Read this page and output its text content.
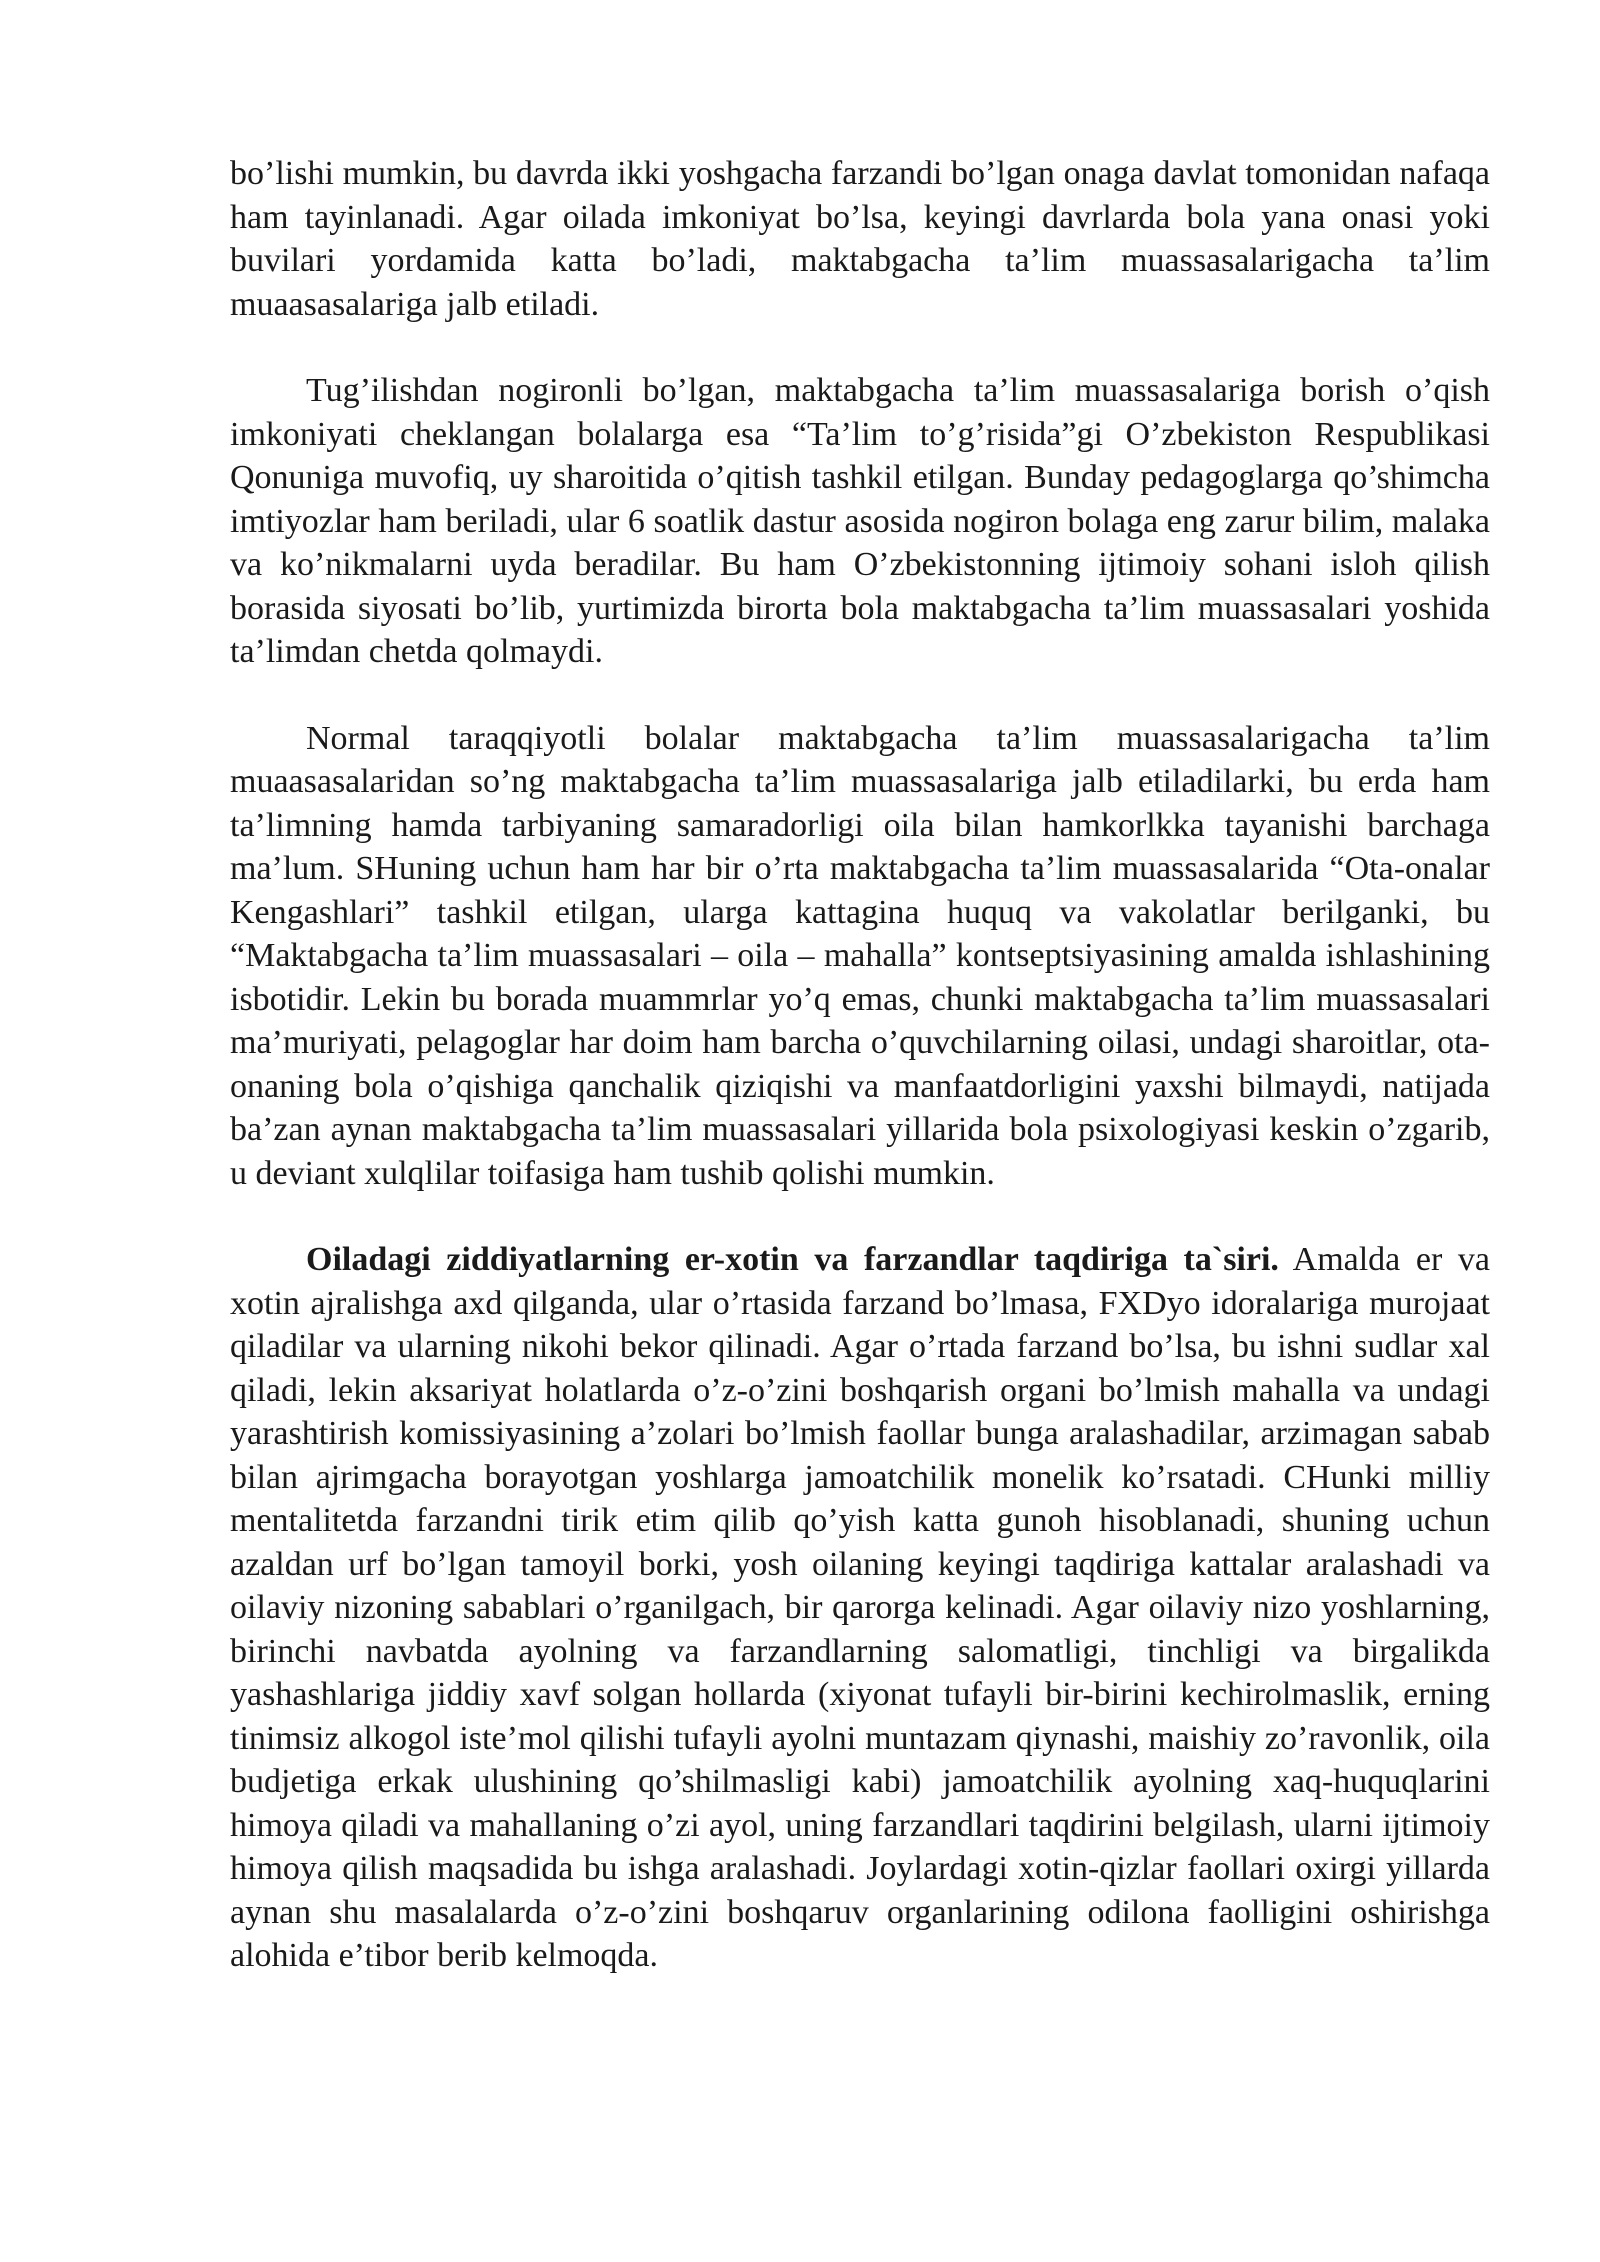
bo’lishi mumkin, bu davrda ikki yoshgacha farzandi bo’lgan onaga davlat tomonidan nafaqa ham tayinlanadi. Agar oilada imkoniyat bo’lsa, keyingi davrlarda bola yana onasi yoki buvilari yordamida katta bo’ladi, maktabgacha ta’lim muassasalarigacha ta’lim muaasasalariga jalb etiladi.

Tug’ilishdan nogironli bo’lgan, maktabgacha ta’lim muassasalariga borish o’qish imkoniyati cheklangan bolalarga esa “Ta’lim to’g’risida”gi O’zbekiston Respublikasi Qonuniga muvofiq, uy sharoitida o’qitish tashkil etilgan. Bunday pedagoglarga qo’shimcha imtiyozlar ham beriladi, ular 6 soatlik dastur asosida nogiron bolaga eng zarur bilim, malaka va ko’nikmalarni uyda beradilar. Bu ham O’zbekistonning ijtimoiy sohani isloh qilish borasida siyosati bo’lib, yurtimizda birorta bola maktabgacha ta’lim muassasalari yoshida ta’limdan chetda qolmaydi.

Normal taraqqiyotli bolalar maktabgacha ta’lim muassasalarigacha ta’lim muaasasalaridan so’ng maktabgacha ta’lim muassasalariga jalb etiladilarki, bu erda ham ta’limning hamda tarbiyaning samaradorligi oila bilan hamkorlkka tayanishi barchaga ma’lum. SHuning uchun ham har bir o’rta maktabgacha ta’lim muassasalarida “Ota-onalar Kengashlari” tashkil etilgan, ularga kattagina huquq va vakolatlar berilganki, bu “Maktabgacha ta’lim muassasalari – oila – mahalla” kontseptsiyasining amalda ishlashining isbotidir. Lekin bu borada muammrlar yo’q emas, chunki maktabgacha ta’lim muassasalari ma’muriyati, pelagoglar har doim ham barcha o’quvchilarning oilasi, undagi sharoitlar, ota-onaning bola o’qishiga qanchalik qiziqishi va manfaatdorligini yaxshi bilmaydi, natijada ba’zan aynan maktabgacha ta’lim muassasalari yillarida bola psixologiyasi keskin o’zgarib, u deviant xulqlilar toifasiga ham tushib qolishi mumkin.

Oiladagi ziddiyatlarning er-xotin va farzandlar taqdiriga ta`siri. Amalda er va xotin ajralishga axd qilganda, ular o’rtasida farzand bo’lmasa, FXDyo idoralariga murojaat qiladilar va ularning nikohi bekor qilinadi. Agar o’rtada farzand bo’lsa, bu ishni sudlar xal qiladi, lekin aksariyat holatlarda o’z-o’zini boshqarish organi bo’lmish mahalla va undagi yarashtirish komissiyasining a’zolari bo’lmish faollar bunga aralashadilar, arzimagan sabab bilan ajrimgacha borayotgan yoshlarga jamoatchilik monelik ko’rsatadi. CHunki milliy mentalitetda farzandni tirik etim qilib qo’yish katta gunoh hisoblanadi, shuning uchun azaldan urf bo’lgan tamoyil borki, yosh oilaning keyingi taqdiriga kattalar aralashadi va oilaviy nizoning sabablari o’rganilgach, bir qarorga kelinadi. Agar oilaviy nizo yoshlarning, birinchi navbatda ayolning va farzandlarning salomatligi, tinchligi va birgalikda yashashlariga jiddiy xavf solgan hollarda (xiyonat tufayli bir-birini kechirolmaslik, erning tinimsiz alkogol iste’mol qilishi tufayli ayolni muntazam qiynashi, maishiy zo’ravonlik, oila budjetiga erkak ulushining qo’shilmasligi kabi) jamoatchilik ayolning xaq-huquqlarini himoya qiladi va mahallaning o’zi ayol, uning farzandlari taqdirini belgilash, ularni ijtimoiy himoya qilish maqsadida bu ishga aralashadi. Joylardagi xotin-qizlar faollari oxirgi yillarda aynan shu masalalarda o’z-o’zini boshqaruv organlarining odilona faolligini oshirishga alohida e’tibor berib kelmoqda.
